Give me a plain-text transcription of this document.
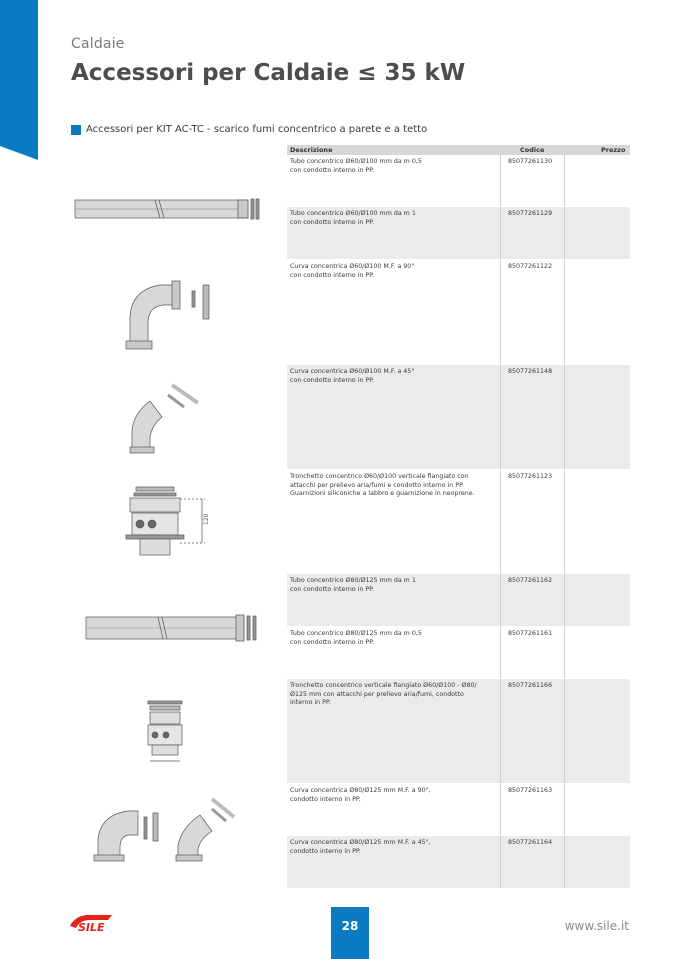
Caldaie
Accessori per Caldaie ≤ 35 kW
Accessori per KIT AC-TC - scarico fumi concentrico a parete e a tetto
120
Descrizione	Codice	Prezzo
Tubo concentrico Ø60/Ø100 mm da m 0,5
con condotto interno in PP.
85077261130
Tubo concentrico Ø60/Ø100 mm da m 1
con condotto interno in PP.
85077261129
Curva concentrica Ø60/Ø100 M.F. a 90°
con condotto interno in PP.
85077261122
Curva concentrica Ø60/Ø100 M.F. a 45°
con condotto interno in PP.
85077261148
Tronchetto concentrico Ø60/Ø100 verticale flangiato con
attacchi per prelievo aria/fumi e condotto interno in PP.
Guarnizioni siliconiche a labbro e guarnizione in neoprene.
85077261123
Tubo concentrico Ø80/Ø125 mm da m 1
con condotto interno in PP.
85077261162
Tubo concentrico Ø80/Ø125 mm da m 0,5
con condotto interno in PP.
85077261161
Tronchetto concentrico verticale flangiato Ø60/Ø100 - Ø80/
Ø125 mm con attacchi per prelievo aria/fumi, condotto
interno in PP.
85077261166
Curva concentrica Ø80/Ø125 mm M.F. a 90°,
condotto interno in PP.
85077261163
Curva concentrica Ø80/Ø125 mm M.F. a 45°,
condotto interno in PP.
85077261164
SILE	28	www.sile.it
